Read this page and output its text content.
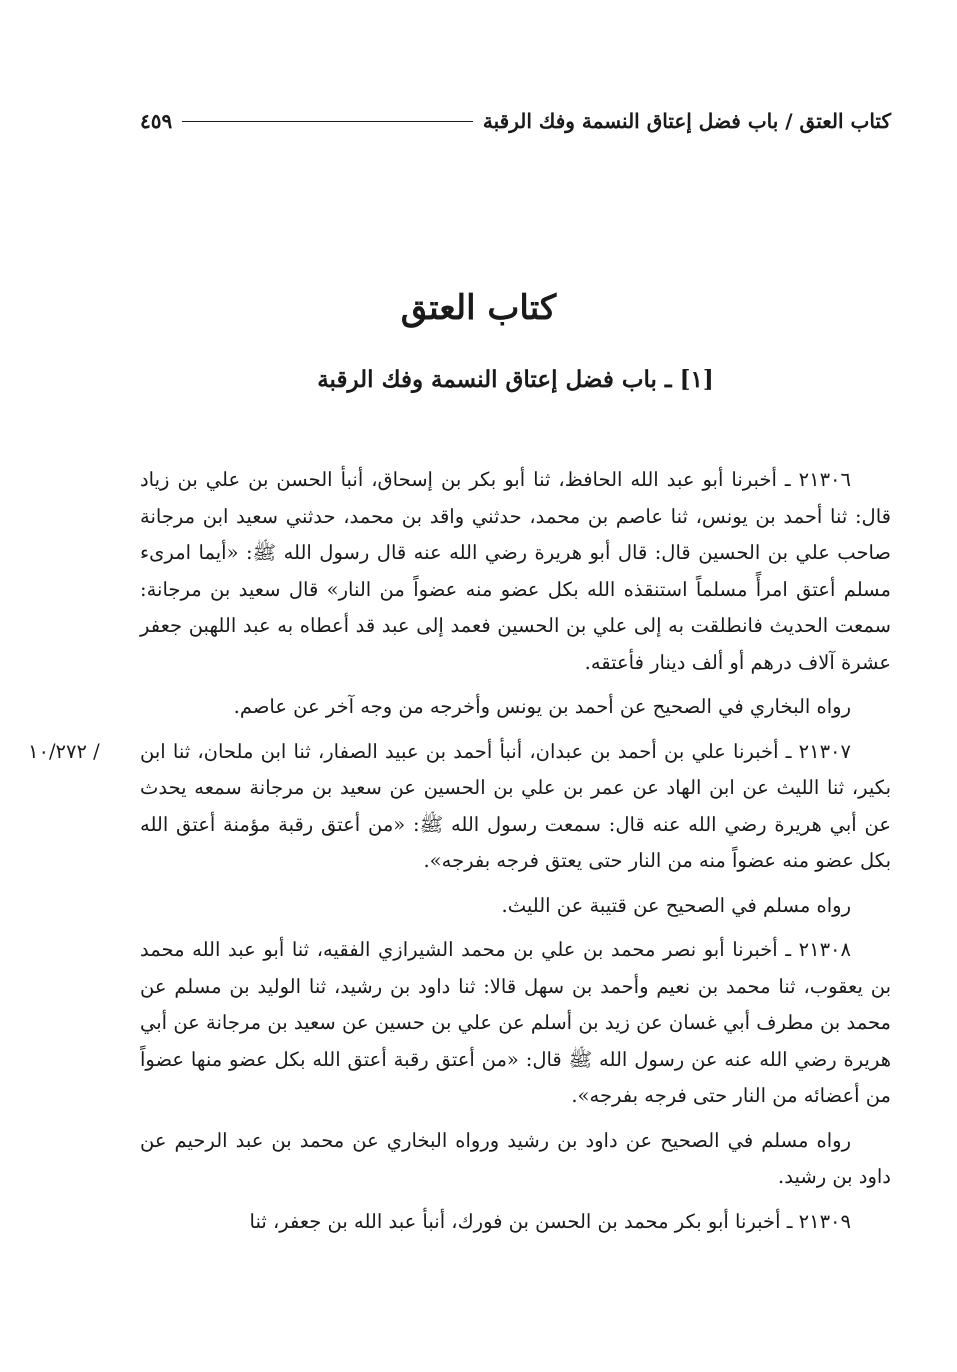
كتاب العتق / باب فضل إعتاق النسمة وفك الرقبة
٤٥٩
كتاب العتق
[١] ـ باب فضل إعتاق النسمة وفك الرقبة

٢١٣٠٦ ـ أخبرنا أبو عبد الله الحافظ، ثنا أبو بكر بن إسحاق، أنبأ الحسن بن علي بن زياد قال: ثنا أحمد بن يونس، ثنا عاصم بن محمد، حدثني واقد بن محمد، حدثني سعيد ابن مرجانة صاحب علي بن الحسين قال: قال أبو هريرة رضي الله عنه قال رسول الله ﷺ: «أيما امرىء مسلم أعتق امرأً مسلماً استنقذه الله بكل عضو منه عضواً من النار» قال سعيد بن مرجانة: سمعت الحديث فانطلقت به إلى علي بن الحسين فعمد إلى عبد قد أعطاه به عبد اللهبن جعفر عشرة آلاف درهم أو ألف دينار فأعتقه.

رواه البخاري في الصحيح عن أحمد بن يونس وأخرجه من وجه آخر عن عاصم.

١٠/٢٧٢ / ٢١٣٠٧ ـ أخبرنا علي بن أحمد بن عبدان، أنبأ أحمد بن عبيد الصفار، ثنا ابن ملحان، ثنا ابن بكير، ثنا الليث عن ابن الهاد عن عمر بن علي بن الحسين عن سعيد بن مرجانة سمعه يحدث عن أبي هريرة رضي الله عنه قال: سمعت رسول الله ﷺ: «من أعتق رقبة مؤمنة أعتق الله بكل عضو منه عضواً منه من النار حتى يعتق فرجه بفرجه».

رواه مسلم في الصحيح عن قتيبة عن الليث.

٢١٣٠٨ ـ أخبرنا أبو نصر محمد بن علي بن محمد الشيرازي الفقيه، ثنا أبو عبد الله محمد بن يعقوب، ثنا محمد بن نعيم وأحمد بن سهل قالا: ثنا داود بن رشيد، ثنا الوليد بن مسلم عن محمد بن مطرف أبي غسان عن زيد بن أسلم عن علي بن حسين عن سعيد بن مرجانة عن أبي هريرة رضي الله عنه عن رسول الله ﷺ قال: «من أعتق رقبة أعتق الله بكل عضو منها عضواً من أعضائه من النار حتى فرجه بفرجه».

رواه مسلم في الصحيح عن داود بن رشيد ورواه البخاري عن محمد بن عبد الرحيم عن داود بن رشيد.

٢١٣٠٩ ـ أخبرنا أبو بكر محمد بن الحسن بن فورك، أنبأ عبد الله بن جعفر، ثنا
